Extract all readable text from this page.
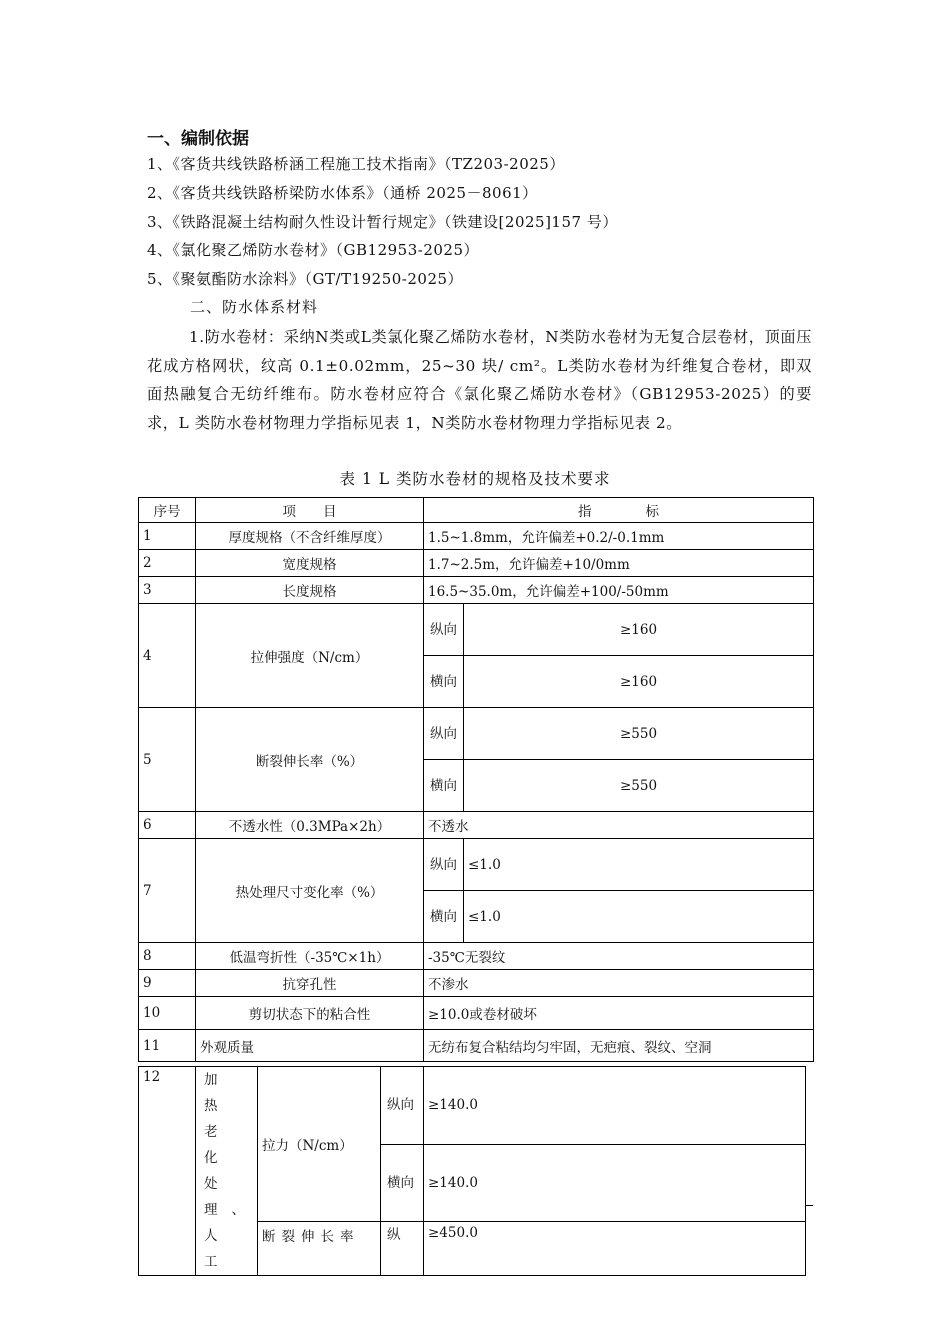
一、编制依据
1、《客货共线铁路桥涵工程施工技术指南》（TZ203-2025）
2、《客货共线铁路桥梁防水体系》（通桥 2025－8061）
3、《铁路混凝土结构耐久性设计暂行规定》（铁建设[2025]157 号）
4、《氯化聚乙烯防水卷材》（GB12953-2025）
5、《聚氨酯防水涂料》（GT/T19250-2025）
二、防水体系材料
1.防水卷材：采纳N类或L类氯化聚乙烯防水卷材，N类防水卷材为无复合层卷材，顶面压花成方格网状，纹高 0.1±0.02mm，25~30 块/ cm²。L类防水卷材为纤维复合卷材，即双面热融复合无纺纤维布。防水卷材应符合《氯化聚乙烯防水卷材》（GB12953-2025）的要求，L 类防水卷材物理力学指标见表 1，N类防水卷材物理力学指标见表 2。
表 1 L 类防水卷材的规格及技术要求
序号	项　　目	指　　　　标	
1	厚度规格（不含纤维厚度）	1.5~1.8mm，允许偏差+0.2/-0.1mm	
2	宽度规格	1.7~2.5m，允许偏差+10/0mm	
3	长度规格	16.5~35.0m，允许偏差+100/-50mm	
4	拉伸强度（N/cm）	纵向	≥160
		横向	≥160
5	断裂伸长率（%）	纵向	≥550
		横向	≥550
6	不透水性（0.3MPa×2h）	不透水	
7	热处理尺寸变化率（%）	纵向	≤1.0
		横向	≤1.0
8	低温弯折性（-35℃×1h）	-35℃无裂纹	
9	抗穿孔性	不渗水	
10	剪切状态下的粘合性	≥10.0或卷材破坏	
11	外观质量	无纺布复合粘结均匀牢固，无疤痕、裂纹、空洞	
12	加热老化处理、人工	拉力（N/cm）	纵向	≥140.0
			横向	≥140.0
		断裂伸长率	纵	≥450.0
